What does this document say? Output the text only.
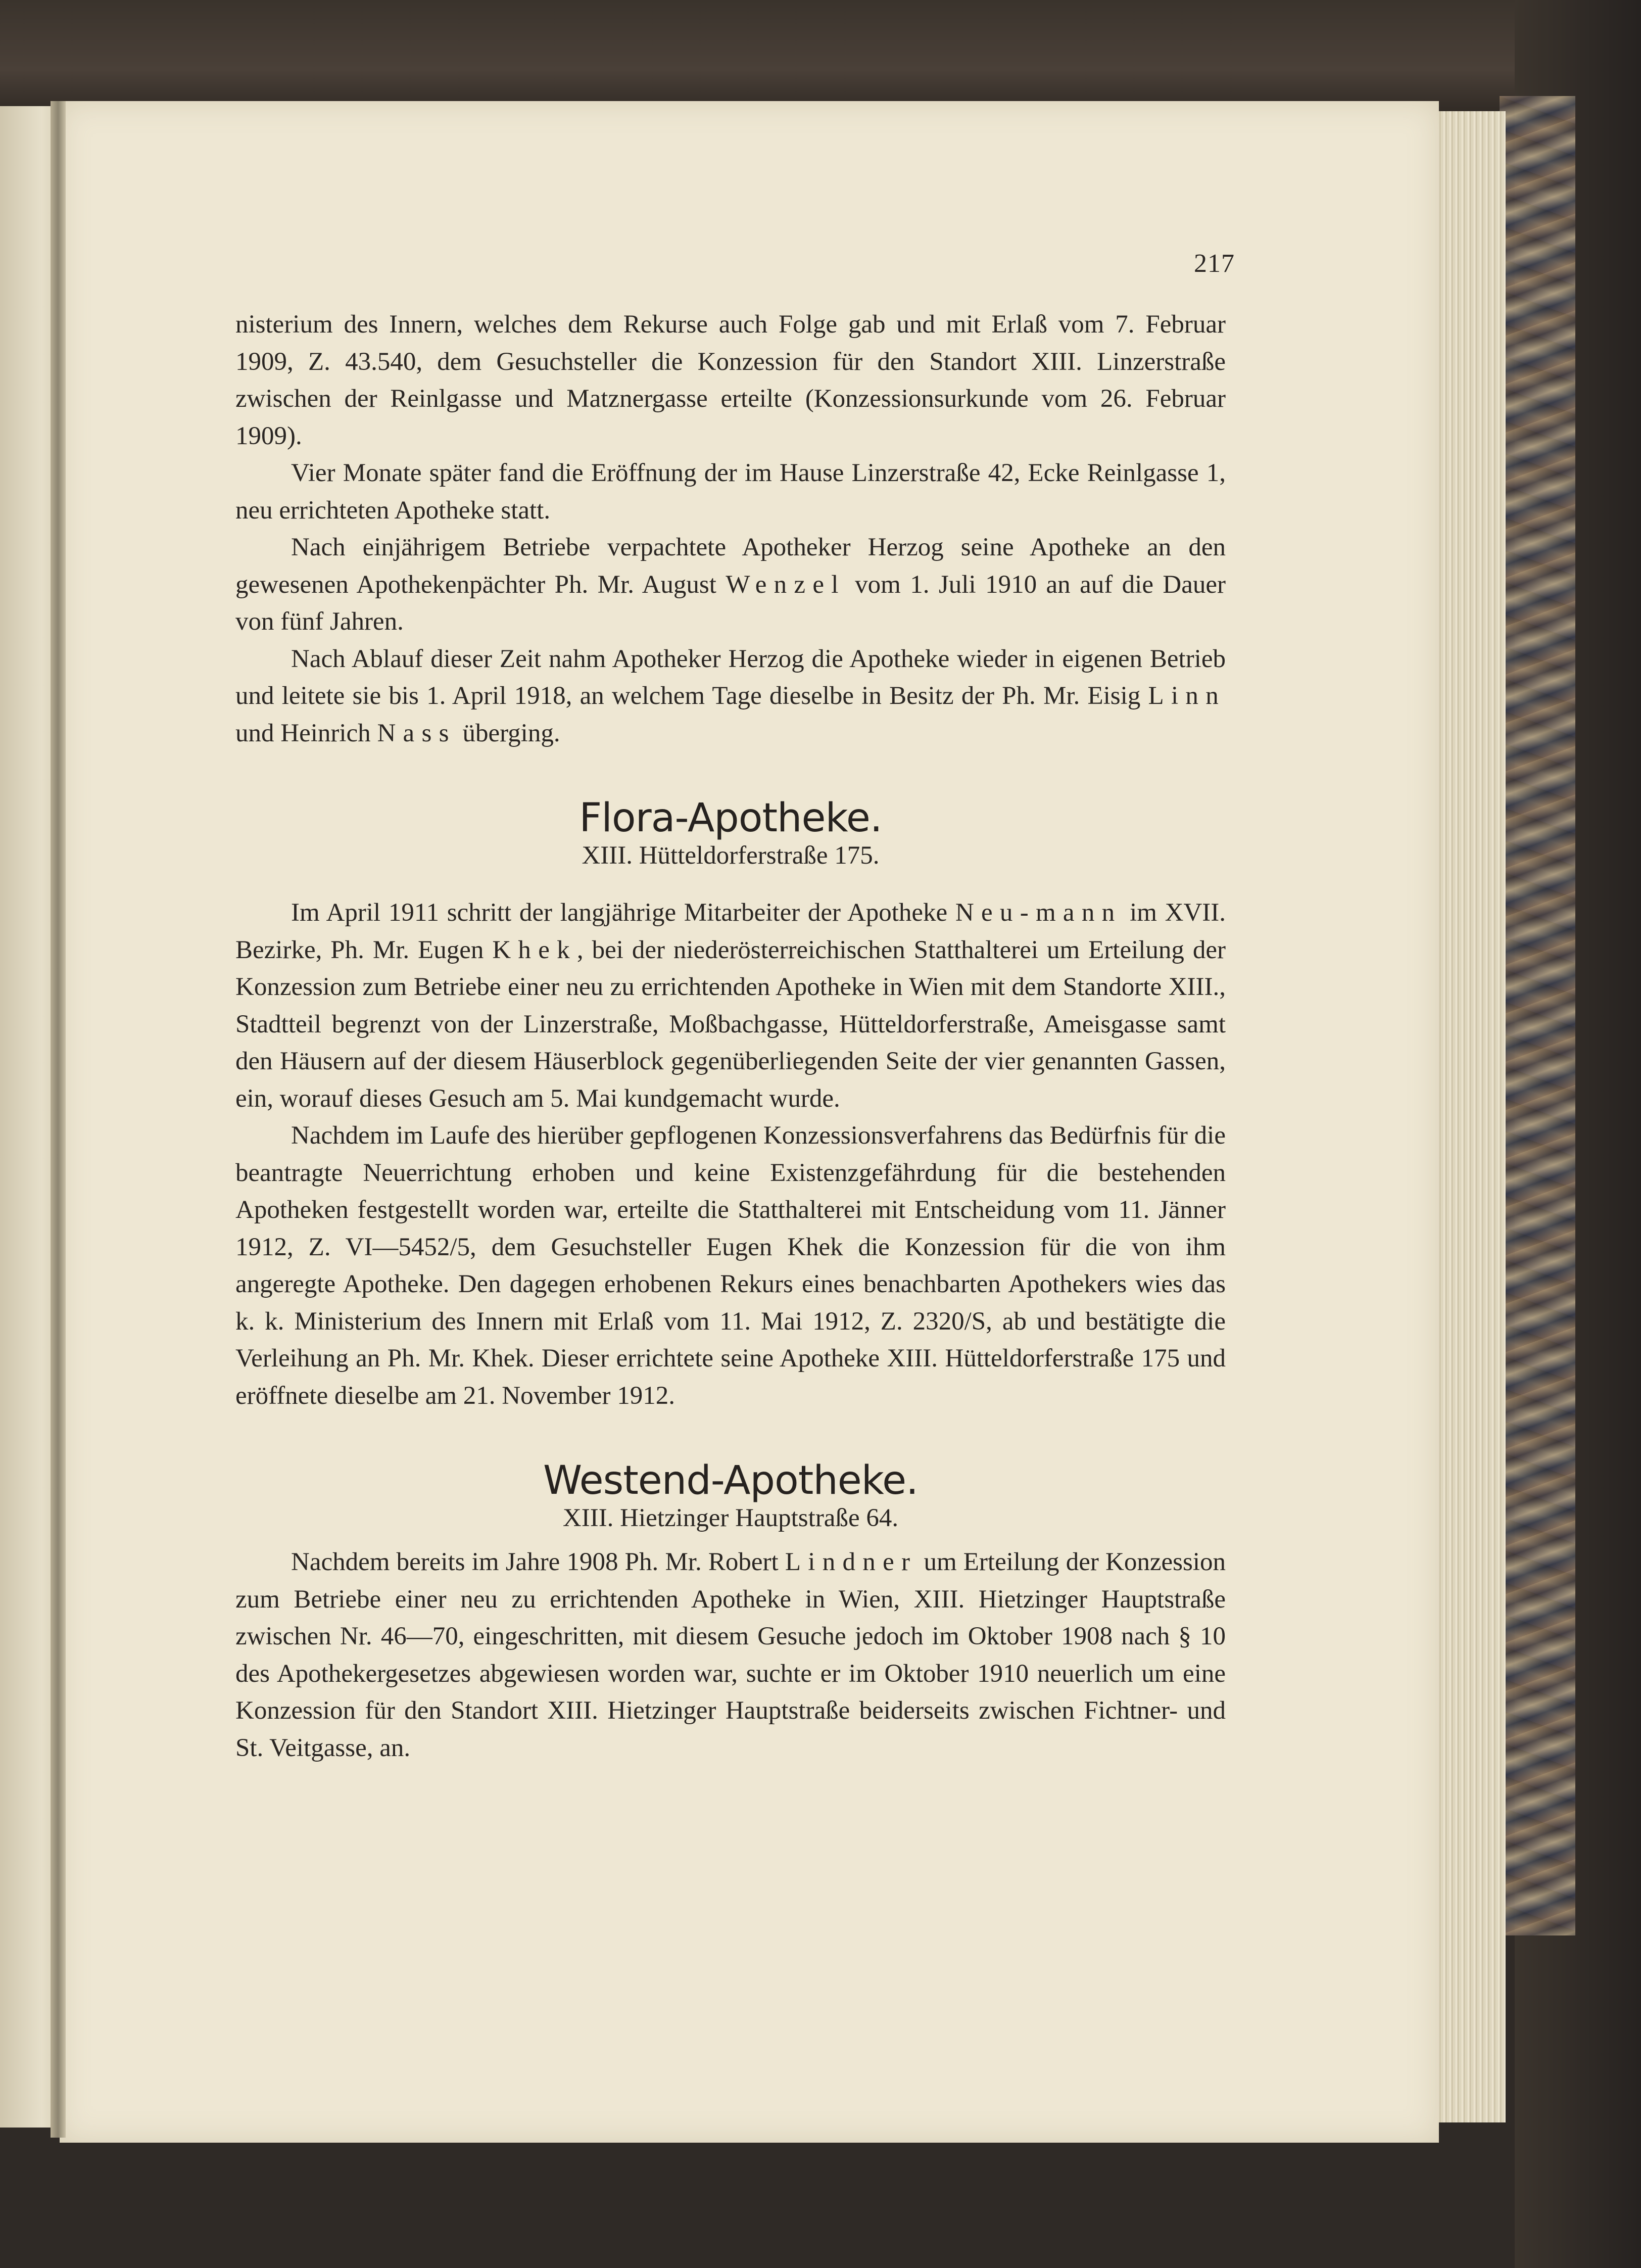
217

nisterium des Innern, welches dem Rekurse auch Folge gab und mit Erlaß vom 7. Februar 1909, Z. 43.540, dem Gesuchsteller die Konzession für den Standort XIII. Linzerstraße zwischen der Reinlgasse und Matznergasse erteilte (Konzessionsurkunde vom 26. Februar 1909).

Vier Monate später fand die Eröffnung der im Hause Linzerstraße 42, Ecke Reinlgasse 1, neu errichteten Apotheke statt.

Nach einjährigem Betriebe verpachtete Apotheker Herzog seine Apotheke an den gewesenen Apothekenpächter Ph. Mr. August Wenzel vom 1. Juli 1910 an auf die Dauer von fünf Jahren.

Nach Ablauf dieser Zeit nahm Apotheker Herzog die Apotheke wieder in eigenen Betrieb und leitete sie bis 1. April 1918, an welchem Tage dieselbe in Besitz der Ph. Mr. Eisig Linn und Heinrich Nass überging.

Flora-Apotheke.

XIII. Hütteldorferstraße 175.

Im April 1911 schritt der langjährige Mitarbeiter der Apotheke Neu-mann im XVII. Bezirke, Ph. Mr. Eugen Khek, bei der niederösterreichischen Statthalterei um Erteilung der Konzession zum Betriebe einer neu zu errichtenden Apotheke in Wien mit dem Standorte XIII., Stadtteil begrenzt von der Linzerstraße, Moßbachgasse, Hütteldorferstraße, Ameisgasse samt den Häusern auf der diesem Häuserblock gegenüberliegenden Seite der vier genannten Gassen, ein, worauf dieses Gesuch am 5. Mai kundgemacht wurde.

Nachdem im Laufe des hierüber gepflogenen Konzessionsverfahrens das Bedürfnis für die beantragte Neuerrichtung erhoben und keine Existenzgefährdung für die bestehenden Apotheken festgestellt worden war, erteilte die Statthalterei mit Entscheidung vom 11. Jänner 1912, Z. VI—5452/5, dem Gesuchsteller Eugen Khek die Konzession für die von ihm angeregte Apotheke. Den dagegen erhobenen Rekurs eines benachbarten Apothekers wies das k. k. Ministerium des Innern mit Erlaß vom 11. Mai 1912, Z. 2320/S, ab und bestätigte die Verleihung an Ph. Mr. Khek. Dieser errichtete seine Apotheke XIII. Hütteldorferstraße 175 und eröffnete dieselbe am 21. November 1912.

Westend-Apotheke.

XIII. Hietzinger Hauptstraße 64.

Nachdem bereits im Jahre 1908 Ph. Mr. Robert Lindner um Erteilung der Konzession zum Betriebe einer neu zu errichtenden Apotheke in Wien, XIII. Hietzinger Hauptstraße zwischen Nr. 46—70, eingeschritten, mit diesem Gesuche jedoch im Oktober 1908 nach § 10 des Apothekergesetzes abgewiesen worden war, suchte er im Oktober 1910 neuerlich um eine Konzession für den Standort XIII. Hietzinger Hauptstraße beiderseits zwischen Fichtner- und St. Veitgasse, an.
